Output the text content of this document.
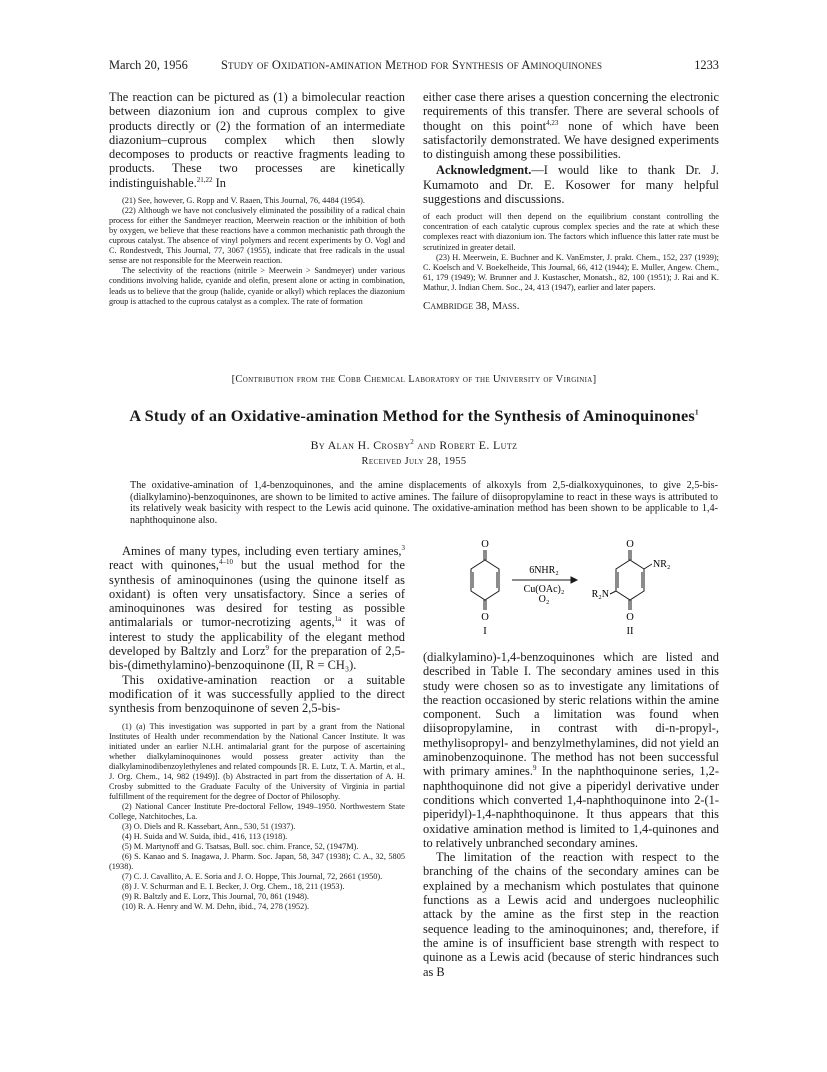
March 20, 1956	Study of Oxidation-amination Method for Synthesis of Aminoquinones	1233

The reaction can be pictured as (1) a bimolecular reaction between diazonium ion and cuprous complex to give products directly or (2) the formation of an intermediate diazonium–cuprous complex which then slowly decomposes to products or reactive fragments leading to products. These two processes are kinetically indistinguishable.$^{21,22}$ In

(21) See, however, G. Ropp and V. Raaen, This Journal, 76, 4484 (1954).

(22) Although we have not conclusively eliminated the possibility of a radical chain process for either the Sandmeyer reaction, Meerwein reaction or the inhibition of both by oxygen, we believe that these reactions have a common mechanistic path through the cuprous catalyst. The absence of vinyl polymers and recent experiments by O. Vogl and C. Rondestvedt, This Journal, 77, 3067 (1955), indicate that free radicals in the usual sense are not responsible for the Meerwein reaction.

The selectivity of the reactions (nitrile > Meerwein > Sandmeyer) under various conditions involving halide, cyanide and olefin, present alone or acting in combination, leads us to believe that the group (halide, cyanide or alkyl) which replaces the diazonium group is attached to the cuprous catalyst as a complex. The rate of formation

either case there arises a question concerning the electronic requirements of this transfer. There are several schools of thought on this point$^{4,23}$ none of which have been satisfactorily demonstrated. We have designed experiments to distinguish among these possibilities.

Acknowledgment.—I would like to thank Dr. J. Kumamoto and Dr. E. Kosower for many helpful suggestions and discussions.

of each product will then depend on the equilibrium constant controlling the concentration of each catalytic cuprous complex species and the rate at which these complexes react with diazonium ion. The factors which influence this latter rate must be scrutinized in greater detail.

(23) H. Meerwein, E. Buchner and K. VanEmster, J. prakt. Chem., 152, 237 (1939); C. Koelsch and V. Boekelheide, This Journal, 66, 412 (1944); E. Muller, Angew. Chem., 61, 179 (1949); W. Brunner and J. Kustascher, Monatsh., 82, 100 (1951); J. Rai and K. Mathur, J. Indian Chem. Soc., 24, 413 (1947), earlier and later papers.

Cambridge 38, Mass.

[Contribution from the Cobb Chemical Laboratory of the University of Virginia]
A Study of an Oxidative-amination Method for the Synthesis of Aminoquinones$^1$
By Alan H. Crosby$^2$ and Robert E. Lutz
Received July 28, 1955
The oxidative-amination of 1,4-benzoquinones, and the amine displacements of alkoxyls from 2,5-dialkoxyquinones, to give 2,5-bis-(dialkylamino)-benzoquinones, are shown to be limited to active amines. The failure of diisopropylamine to react in these ways is attributed to its relatively weak basicity with respect to the Lewis acid quinone. The oxidative-amination method has been shown to be applicable to 1,4-naphthoquinone also.

Amines of many types, including even tertiary amines,$^3$ react with quinones,$^{4-10}$ but the usual method for the synthesis of aminoquinones (using the quinone itself as oxidant) is often very unsatisfactory. Since a series of aminoquinones was desired for testing as possible antimalarials or tumor-necrotizing agents,$^{1a}$ it was of interest to study the applicability of the elegant method developed by Baltzly and Lorz$^9$ for the preparation of 2,5-bis-(dimethylamino)-benzoquinone (II, R = CH₃).

This oxidative-amination reaction or a suitable modification of it was successfully applied to the direct synthesis from benzoquinone of seven 2,5-bis-

(1) (a) This investigation was supported in part by a grant from the National Institutes of Health under recommendation by the National Cancer Institute. It was initiated under an earlier N.I.H. antimalarial grant for the purpose of ascertaining whether dialkylaminoquinones would possess greater activity than the dialkylaminodibenzoylethylenes and related compounds [R. E. Lutz, T. A. Martin, et al., J. Org. Chem., 14, 982 (1949)]. (b) Abstracted in part from the dissertation of A. H. Crosby submitted to the Graduate Faculty of the University of Virginia in partial fulfillment of the requirement for the degree of Doctor of Philosophy.

(2) National Cancer Institute Pre-doctoral Fellow, 1949–1950. Northwestern State College, Natchitoches, La.

(3) O. Diels and R. Kassebart, Ann., 530, 51 (1937).

(4) H. Suida and W. Suida, ibid., 416, 113 (1918).

(5) M. Martynoff and G. Tsatsas, Bull. soc. chim. France, 52, (1947M).

(6) S. Kanao and S. Inagawa, J. Pharm. Soc. Japan, 58, 347 (1938); C. A., 32, 5805 (1938).

(7) C. J. Cavallito, A. E. Soria and J. O. Hoppe, This Journal, 72, 2661 (1950).

(8) J. V. Schurman and E. I. Becker, J. Org. Chem., 18, 211 (1953).

(9) R. Baltzly and E. Lorz, This Journal, 70, 861 (1948).

(10) R. A. Henry and W. M. Dehn, ibid., 74, 278 (1952).

O
O
I
6NHR₂
Cu(OAc)₂
O₂
O
O
NR₂
R₂N
II

(dialkylamino)-1,4-benzoquinones which are listed and described in Table I. The secondary amines used in this study were chosen so as to investigate any limitations of the reaction occasioned by steric relations within the amine component. Such a limitation was found when diisopropylamine, in contrast with di-n-propyl-, methylisopropyl- and benzylmethylamines, did not yield an aminobenzoquinone. The method has not been successful with primary amines.$^9$ In the naphthoquinone series, 1,2-naphthoquinone did not give a piperidyl derivative under conditions which converted 1,4-naphthoquinone into 2-(1-piperidyl)-1,4-naphthoquinone. It thus appears that this oxidative amination method is limited to 1,4-quinones and to relatively unbranched secondary amines.

The limitation of the reaction with respect to the branching of the chains of the secondary amines can be explained by a mechanism which postulates that quinone functions as a Lewis acid and undergoes nucleophilic attack by the amine as the first step in the reaction sequence leading to the aminoquinones; and, therefore, if the amine is of insufficient base strength with respect to quinone as a Lewis acid (because of steric hindrances such as B
